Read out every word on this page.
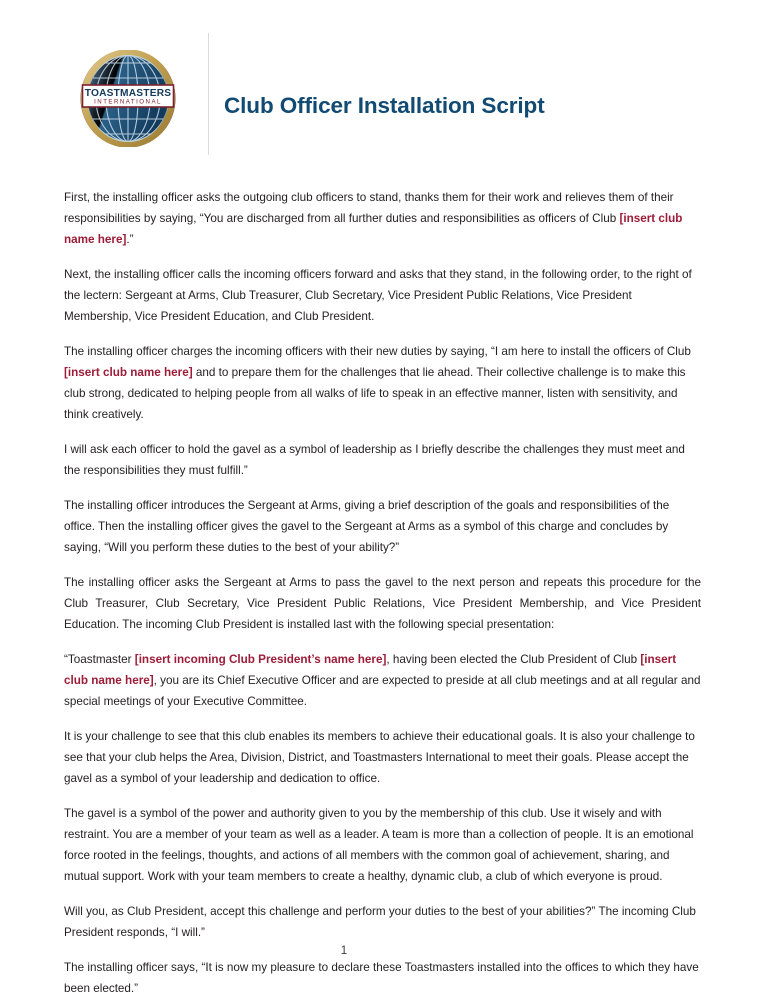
TOASTMASTERS
INTERNATIONAL	Club Officer Installation Script

First, the installing officer asks the outgoing club officers to stand, thanks them for their work and relieves them of their responsibilities by saying, “You are discharged from all further duties and responsibilities as officers of Club [insert club name here].”

Next, the installing officer calls the incoming officers forward and asks that they stand, in the following order, to the right of the lectern: Sergeant at Arms, Club Treasurer, Club Secretary, Vice President Public Relations, Vice President Membership, Vice President Education, and Club President.

The installing officer charges the incoming officers with their new duties by saying, “I am here to install the officers of Club [insert club name here] and to prepare them for the challenges that lie ahead. Their collective challenge is to make this club strong, dedicated to helping people from all walks of life to speak in an effective manner, listen with sensitivity, and think creatively.

I will ask each officer to hold the gavel as a symbol of leadership as I briefly describe the challenges they must meet and the responsibilities they must fulfill.”

The installing officer introduces the Sergeant at Arms, giving a brief description of the goals and responsibilities of the office. Then the installing officer gives the gavel to the Sergeant at Arms as a symbol of this charge and concludes by saying, “Will you perform these duties to the best of your ability?”

The installing officer asks the Sergeant at Arms to pass the gavel to the next person and repeats this procedure for the Club Treasurer, Club Secretary, Vice President Public Relations, Vice President Membership, and Vice President Education. The incoming Club President is installed last with the following special presentation:

“Toastmaster [insert incoming Club President’s name here], having been elected the Club President of Club [insert club name here], you are its Chief Executive Officer and are expected to preside at all club meetings and at all regular and special meetings of your Executive Committee.

It is your challenge to see that this club enables its members to achieve their educational goals. It is also your challenge to see that your club helps the Area, Division, District, and Toastmasters International to meet their goals. Please accept the gavel as a symbol of your leadership and dedication to office.

The gavel is a symbol of the power and authority given to you by the membership of this club. Use it wisely and with restraint. You are a member of your team as well as a leader. A team is more than a collection of people. It is an emotional force rooted in the feelings, thoughts, and actions of all members with the common goal of achievement, sharing, and mutual support. Work with your team members to create a healthy, dynamic club, a club of which everyone is proud.

Will you, as Club President, accept this challenge and perform your duties to the best of your abilities?” The incoming Club President responds, “I will.”

The installing officer says, “It is now my pleasure to declare these Toastmasters installed into the offices to which they have been elected.”

1
